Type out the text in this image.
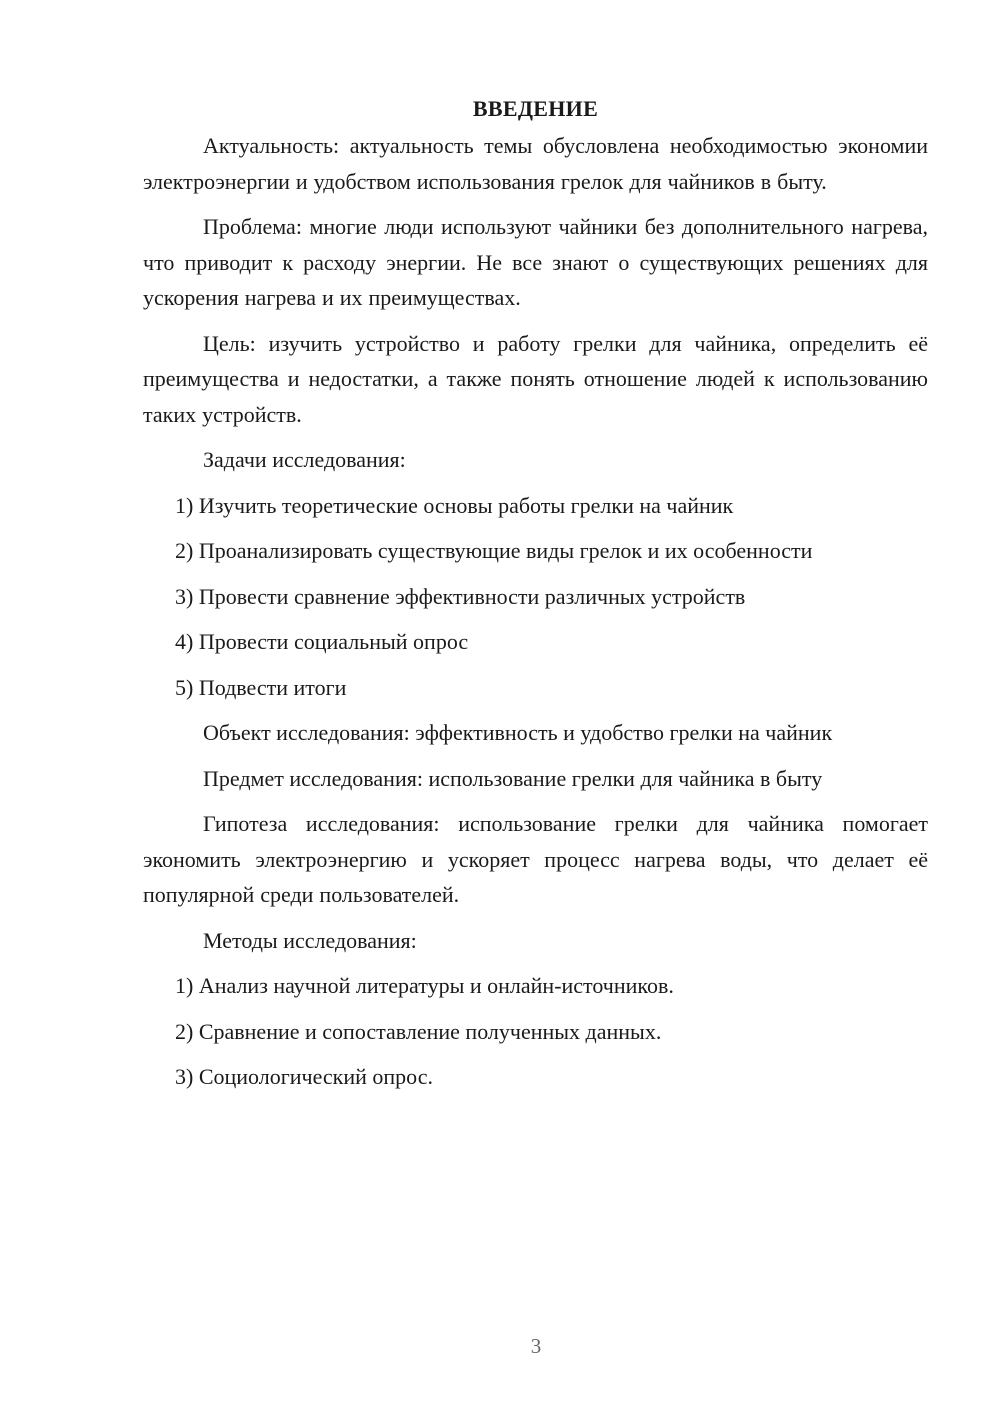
ВВЕДЕНИЕ

Актуальность: актуальность темы обусловлена необходимостью экономии электроэнергии и удобством использования грелок для чайников в быту.

Проблема: многие люди используют чайники без дополнительного нагрева, что приводит к расходу энергии. Не все знают о существующих решениях для ускорения нагрева и их преимуществах.

Цель: изучить устройство и работу грелки для чайника, определить её преимущества и недостатки, а также понять отношение людей к использованию таких устройств.

Задачи исследования:
1) Изучить теоретические основы работы грелки на чайник
2) Проанализировать существующие виды грелок и их особенности
3) Провести сравнение эффективности различных устройств
4) Провести социальный опрос
5) Подвести итоги
Объект исследования: эффективность и удобство грелки на чайник
Предмет исследования: использование грелки для чайника в быту

Гипотеза исследования: использование грелки для чайника помогает экономить электроэнергию и ускоряет процесс нагрева воды, что делает её популярной среди пользователей.

Методы исследования:
1) Анализ научной литературы и онлайн-источников.
2) Сравнение и сопоставление полученных данных.
3) Социологический опрос.
3
